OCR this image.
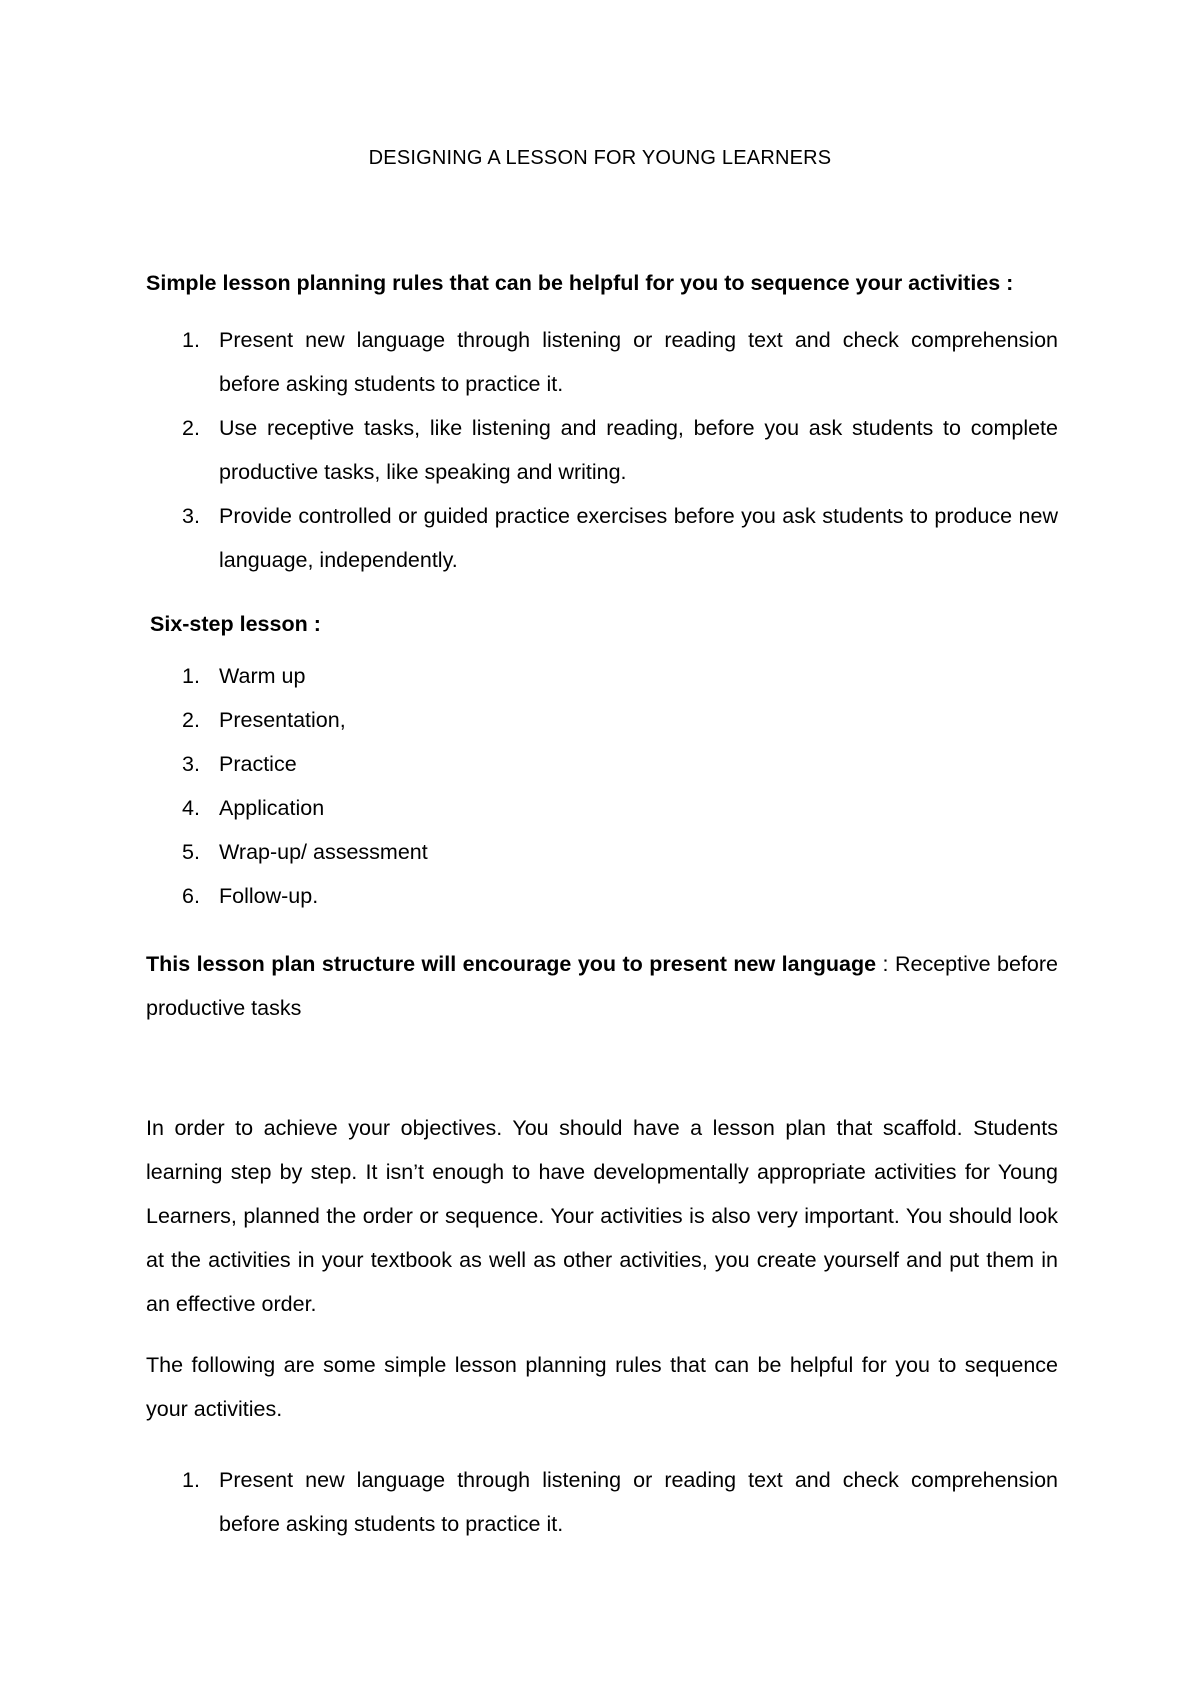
DESIGNING A LESSON FOR YOUNG LEARNERS

Simple lesson planning rules that can be helpful for you to sequence your activities :

1. Present new language through listening or reading text and check comprehension before asking students to practice it.
2. Use receptive tasks, like listening and reading, before you ask students to complete productive tasks, like speaking and writing.
3. Provide controlled or guided practice exercises before you ask students to produce new language, independently.

Six-step lesson :

1. Warm up
2. Presentation,
3. Practice
4. Application
5. Wrap-up/ assessment
6. Follow-up.

This lesson plan structure will encourage you to present new language : Receptive before productive tasks

In order to achieve your objectives. You should have a lesson plan that scaffold. Students learning step by step. It isn’t enough to have developmentally appropriate activities for Young Learners, planned the order or sequence. Your activities is also very important. You should look at the activities in your textbook as well as other activities, you create yourself and put them in an effective order.

The following are some simple lesson planning rules that can be helpful for you to sequence your activities.

1. Present new language through listening or reading text and check comprehension before asking students to practice it.
